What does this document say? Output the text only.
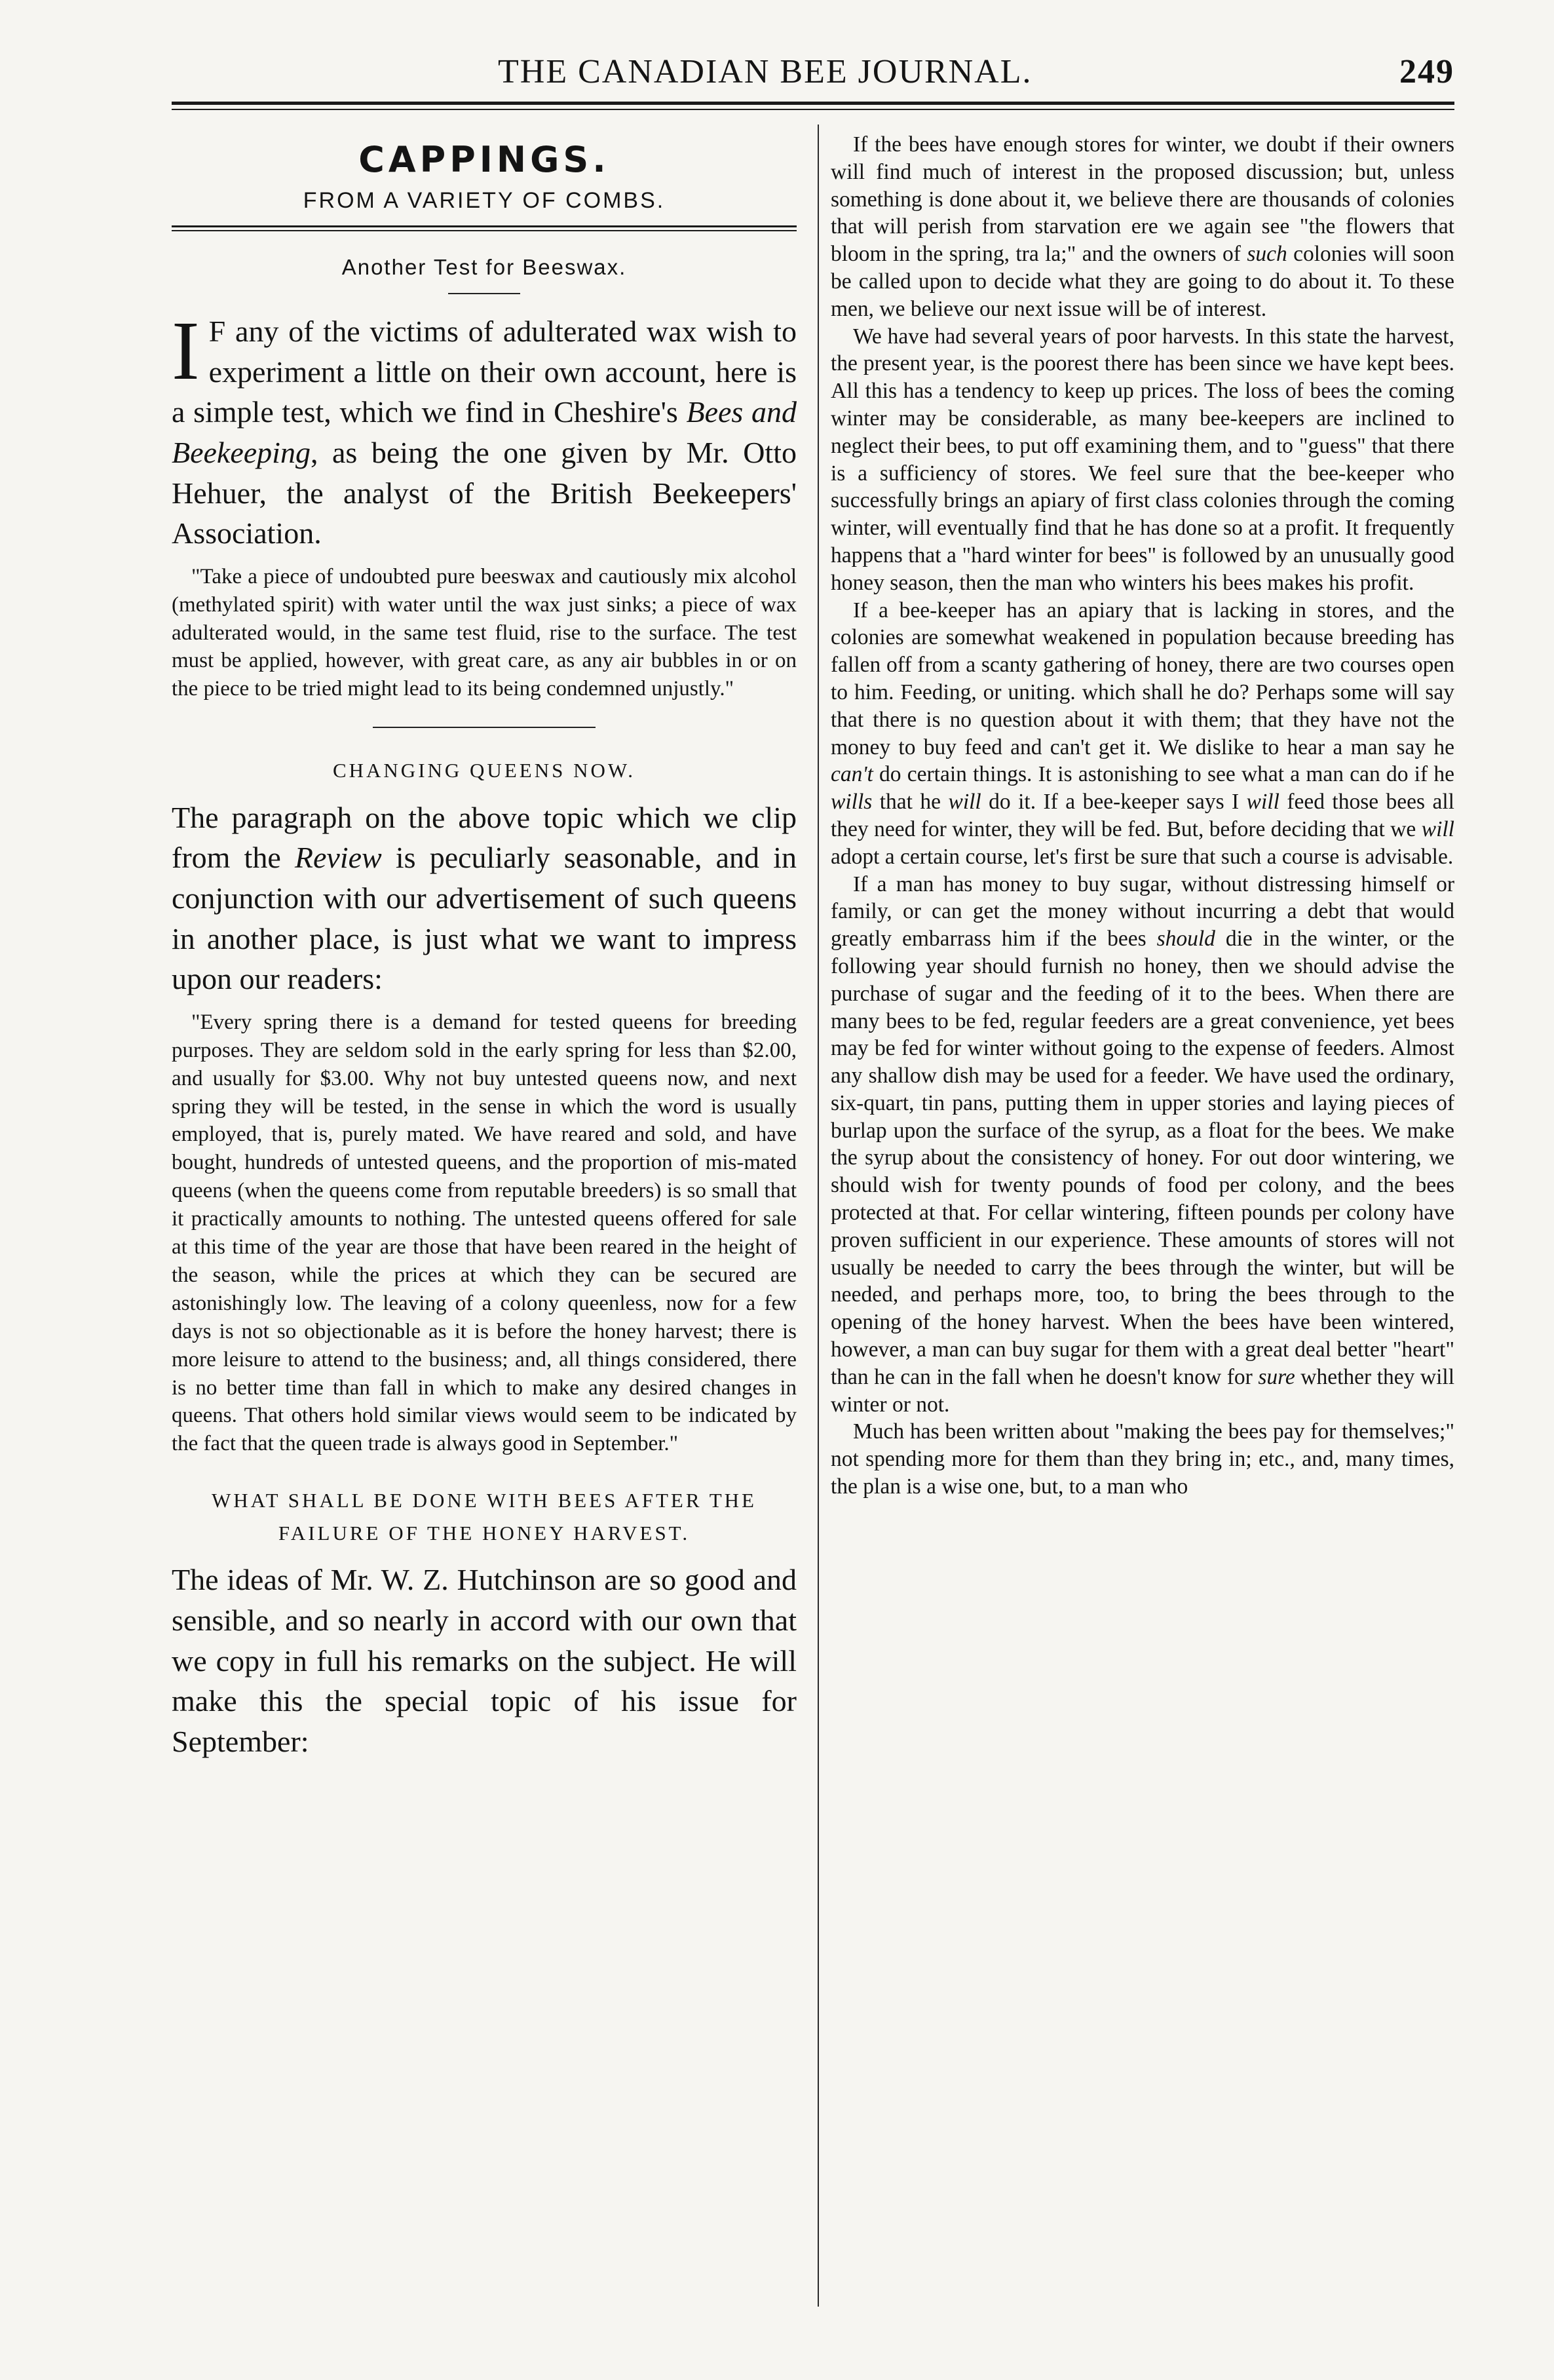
THE CANADIAN BEE JOURNAL.	249
CAPPINGS.
FROM A VARIETY OF COMBS.
Another Test for Beeswax.

I F any of the victims of adulterated wax wish to experiment a little on their own account, here is a simple test, which we find in Cheshire's Bees and Beekeeping, as being the one given by Mr. Otto Hehuer, the analyst of the British Beekeepers' Association.

"Take a piece of undoubted pure beeswax and cautiously mix alcohol (methylated spirit) with water until the wax just sinks; a piece of wax adulterated would, in the same test fluid, rise to the surface. The test must be applied, however, with great care, as any air bubbles in or on the piece to be tried might lead to its being condemned unjustly."

CHANGING QUEENS NOW.

The paragraph on the above topic which we clip from the Review is peculiarly seasonable, and in conjunction with our advertisement of such queens in another place, is just what we want to impress upon our readers:

"Every spring there is a demand for tested queens for breeding purposes. They are seldom sold in the early spring for less than $2.00, and usually for $3.00. Why not buy untested queens now, and next spring they will be tested, in the sense in which the word is usually employed, that is, purely mated. We have reared and sold, and have bought, hundreds of untested queens, and the proportion of mis-mated queens (when the queens come from reputable breeders) is so small that it practically amounts to nothing. The untested queens offered for sale at this time of the year are those that have been reared in the height of the season, while the prices at which they can be secured are astonishingly low. The leaving of a colony queenless, now for a few days is not so objectionable as it is before the honey harvest; there is more leisure to attend to the business; and, all things considered, there is no better time than fall in which to make any desired changes in queens. That others hold similar views would seem to be indicated by the fact that the queen trade is always good in September."

WHAT SHALL BE DONE WITH BEES AFTER THE FAILURE OF THE HONEY HARVEST.

The ideas of Mr. W. Z. Hutchinson are so good and sensible, and so nearly in accord with our own that we copy in full his remarks on the subject. He will make this the special topic of his issue for September:

If the bees have enough stores for winter, we doubt if their owners will find much of interest in the proposed discussion; but, unless something is done about it, we believe there are thousands of colonies that will perish from starvation ere we again see "the flowers that bloom in the spring, tra la;" and the owners of such colonies will soon be called upon to decide what they are going to do about it. To these men, we believe our next issue will be of interest.

We have had several years of poor harvests. In this state the harvest, the present year, is the poorest there has been since we have kept bees. All this has a tendency to keep up prices. The loss of bees the coming winter may be considerable, as many bee-keepers are inclined to neglect their bees, to put off examining them, and to "guess" that there is a sufficiency of stores. We feel sure that the bee-keeper who successfully brings an apiary of first class colonies through the coming winter, will eventually find that he has done so at a profit. It frequently happens that a "hard winter for bees" is followed by an unusually good honey season, then the man who winters his bees makes his profit.

If a bee-keeper has an apiary that is lacking in stores, and the colonies are somewhat weakened in population because breeding has fallen off from a scanty gathering of honey, there are two courses open to him. Feeding, or uniting. which shall he do? Perhaps some will say that there is no question about it with them; that they have not the money to buy feed and can't get it. We dislike to hear a man say he can't do certain things. It is astonishing to see what a man can do if he wills that he will do it. If a bee-keeper says I will feed those bees all they need for winter, they will be fed. But, before deciding that we will adopt a certain course, let's first be sure that such a course is advisable.

If a man has money to buy sugar, without distressing himself or family, or can get the money without incurring a debt that would greatly embarrass him if the bees should die in the winter, or the following year should furnish no honey, then we should advise the purchase of sugar and the feeding of it to the bees. When there are many bees to be fed, regular feeders are a great convenience, yet bees may be fed for winter without going to the expense of feeders. Almost any shallow dish may be used for a feeder. We have used the ordinary, six-quart, tin pans, putting them in upper stories and laying pieces of burlap upon the surface of the syrup, as a float for the bees. We make the syrup about the consistency of honey. For out door wintering, we should wish for twenty pounds of food per colony, and the bees protected at that. For cellar wintering, fifteen pounds per colony have proven sufficient in our experience. These amounts of stores will not usually be needed to carry the bees through the winter, but will be needed, and perhaps more, too, to bring the bees through to the opening of the honey harvest. When the bees have been wintered, however, a man can buy sugar for them with a great deal better "heart" than he can in the fall when he doesn't know for sure whether they will winter or not.

Much has been written about "making the bees pay for themselves;" not spending more for them than they bring in; etc., and, many times, the plan is a wise one, but, to a man who
